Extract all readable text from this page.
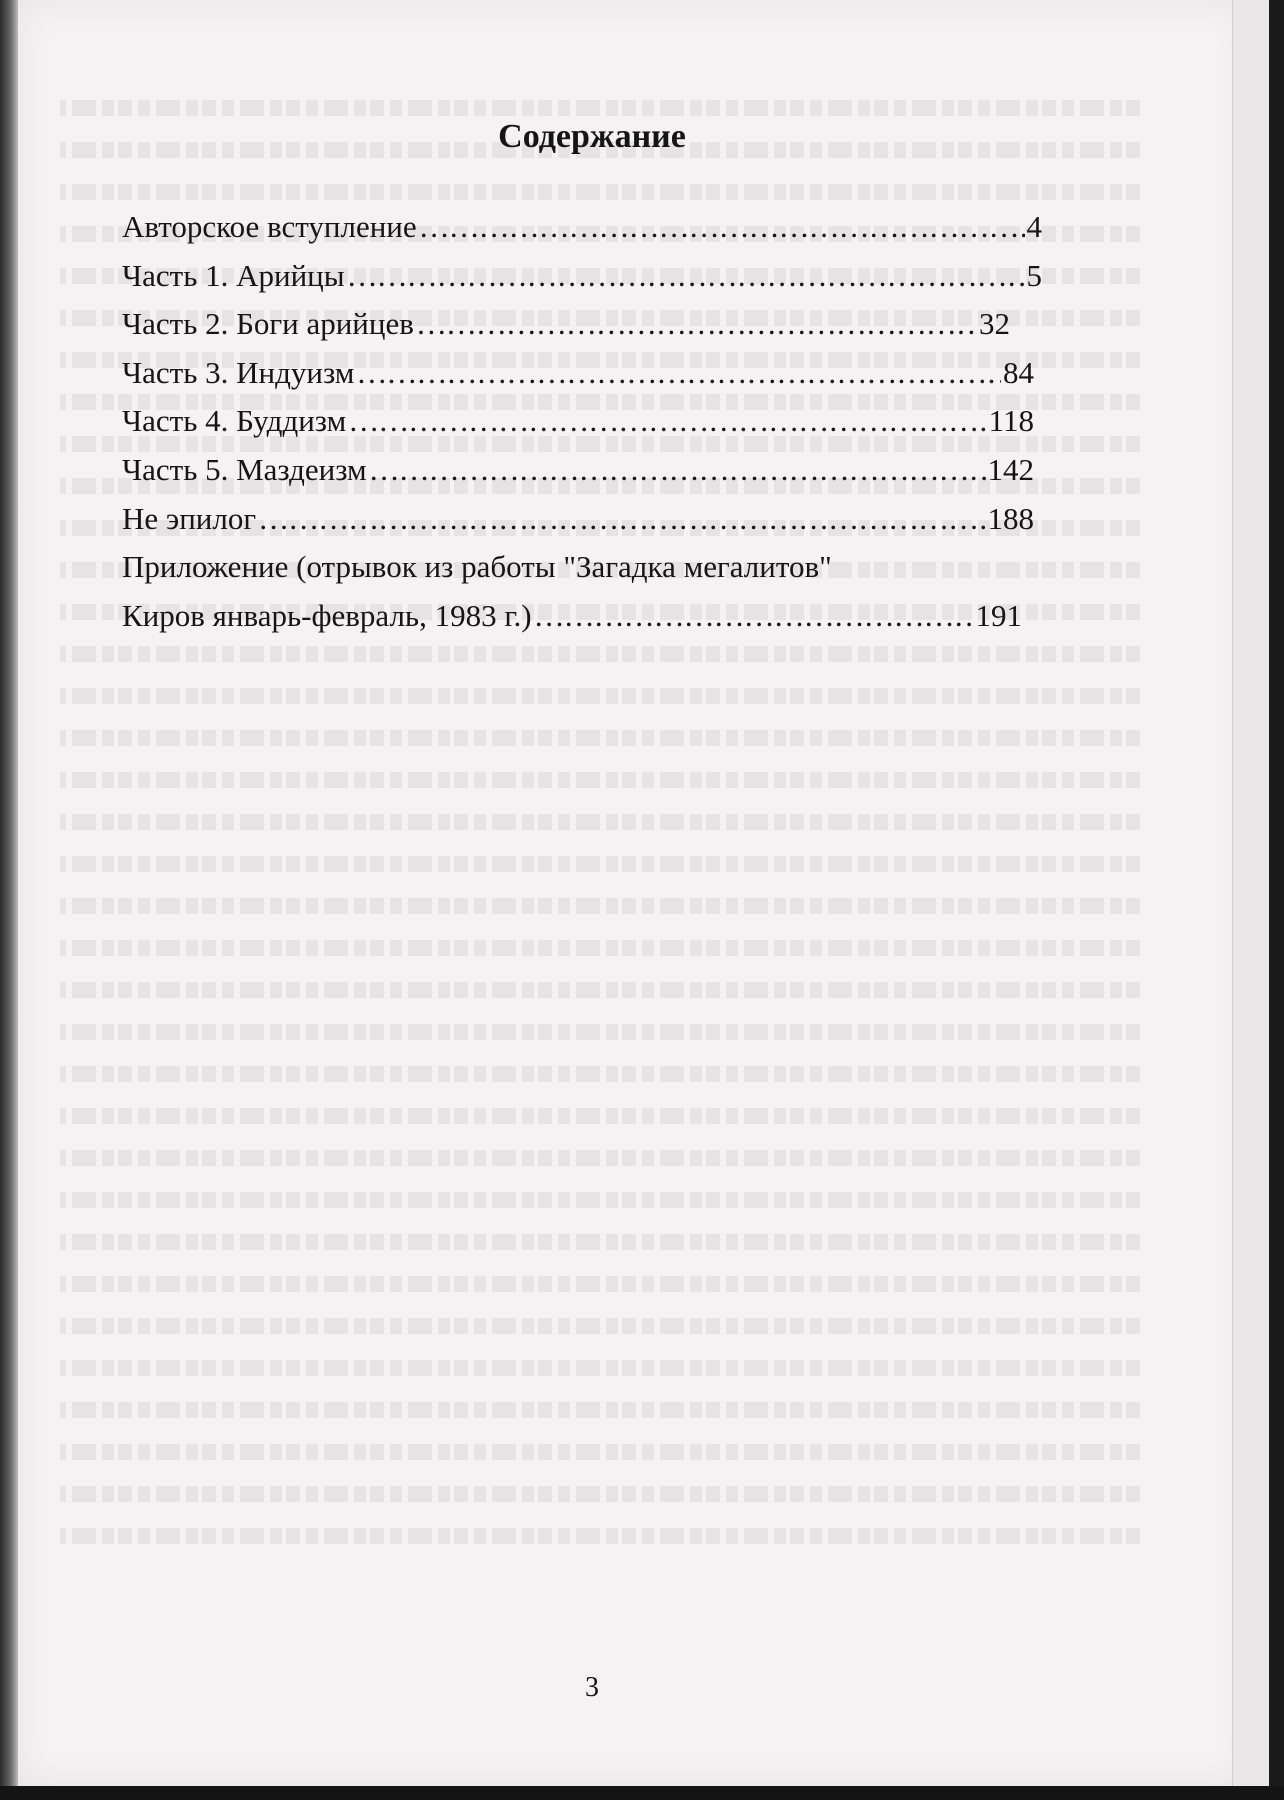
Содержание
Авторское вступление …………………………………………………………………………………………………………	4
Часть 1. Арийцы …………………………………………………………………………………………………………	5
Часть 2. Боги арийцев …………………………………………………………………………………………………………	32
Часть 3. Индуизм …………………………………………………………………………………………………………	84
Часть 4. Буддизм …………………………………………………………………………………………………………	118
Часть 5. Маздеизм …………………………………………………………………………………………………………	142
Не эпилог …………………………………………………………………………………………………………	188
Приложение (отрывок из работы "Загадка мегалитов"
Киров январь-февраль, 1983 г.) …………………………………………………………………………………………………………	191

3
